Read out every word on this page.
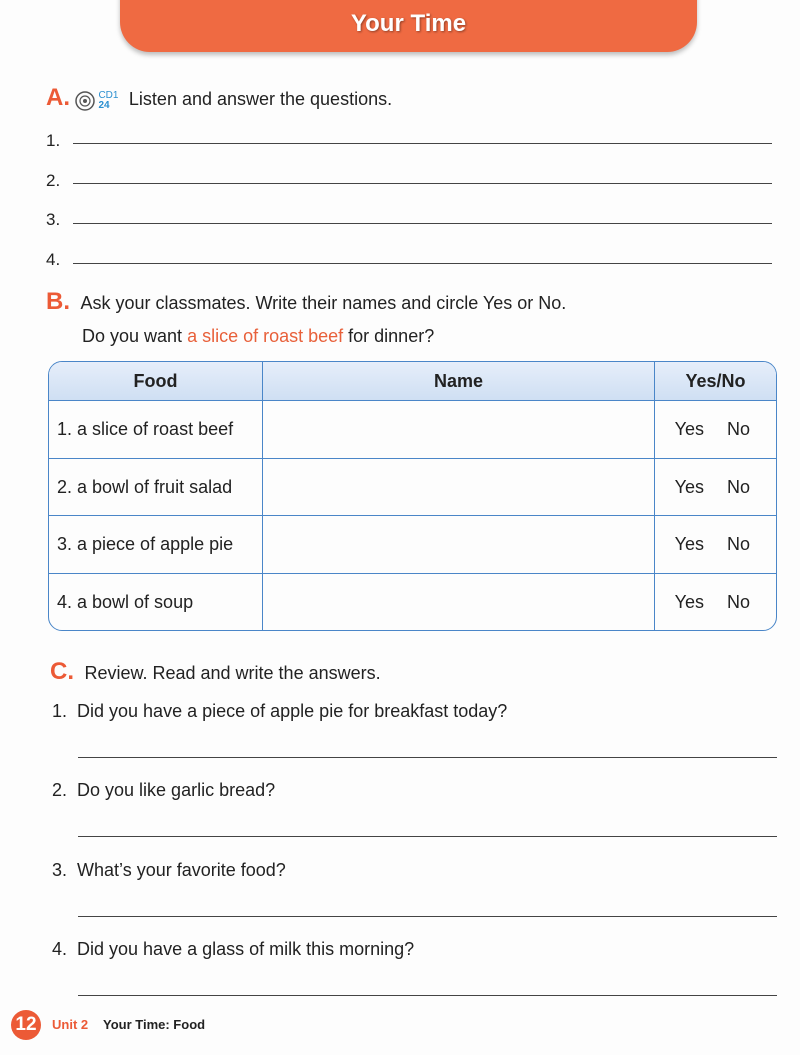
Your Time
A.	CD1
24	Listen and answer the questions.
1.
2.
3.
4.
B. Ask your classmates. Write their names and circle Yes or No.
Do you want a slice of roast beef for dinner?
Food	Name	Yes/No
1. a slice of roast beef		Yes No
2. a bowl of fruit salad		Yes No
3. a piece of apple pie		Yes No
4. a bowl of soup		Yes No
C. Review. Read and write the answers.
1.  Did you have a piece of apple pie for breakfast today?
2.  Do you like garlic bread?
3.  What’s your favorite food?
4.  Did you have a glass of milk this morning?
12	Unit 2 Your Time: Food
